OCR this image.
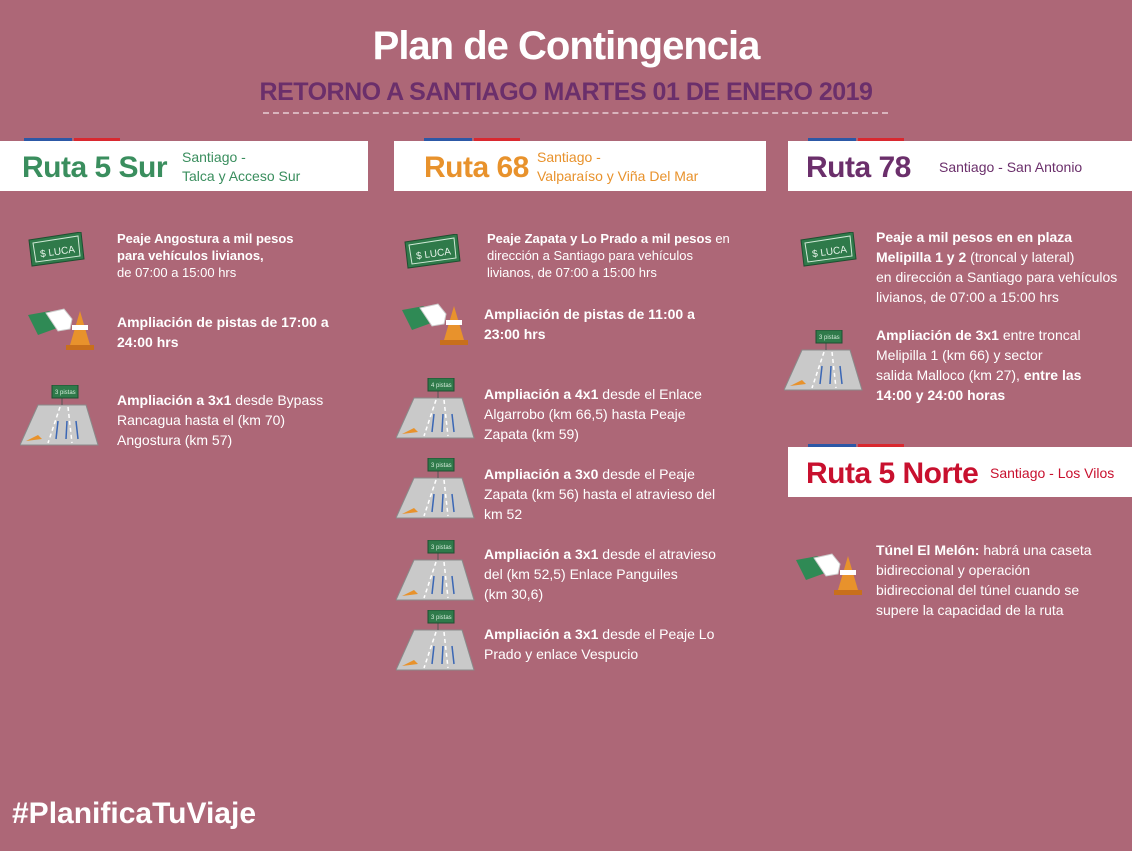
Plan de Contingencia
RETORNO A SANTIAGO MARTES 01 DE ENERO 2019
Ruta 5 Sur Santiago -
Talca y Acceso Sur
$ LUCA
Peaje Angostura a mil pesos
para vehículos livianos,
de 07:00 a 15:00 hrs
Ampliación de pistas de 17:00 a
24:00 hrs
3 pistas	Ampliación a 3x1 desde Bypass
Rancagua hasta el (km 70)
Angostura (km 57)
Ruta 68 Santiago -
Valparaíso y Viña Del Mar
$ LUCA
Peaje Zapata y Lo Prado a mil pesos en
dirección a Santiago para vehículos
livianos, de 07:00 a 15:00 hrs
Ampliación de pistas de 11:00 a
23:00 hrs
4 pistas Ampliación a 4x1 desde el Enlace
Algarrobo (km 66,5) hasta Peaje
Zapata (km 59)
3 pistas Ampliación a 3x0 desde el Peaje
Zapata (km 56) hasta el atravieso del
km 52
3 pistas Ampliación a 3x1 desde el atravieso
del (km 52,5) Enlace Panguiles
(km 30,6)
3 pistas
Ampliación a 3x1 desde el Peaje Lo
Prado y enlace Vespucio
Ruta 78 Santiago - San Antonio
$ LUCA
Peaje a mil pesos en en plaza
Melipilla 1 y 2 (troncal y lateral)
en dirección a Santiago para vehículos
livianos, de 07:00 a 15:00 hrs
3 pistas	Ampliación de 3x1 entre troncal
Melipilla 1 (km 66) y sector
salida Malloco (km 27), entre las
14:00 y 24:00 horas
Ruta 5 Norte Santiago - Los Vilos
Túnel El Melón: habrá una caseta
bidireccional y operación
bidireccional del túnel cuando se
supere la capacidad de la ruta
#PlanificaTuViaje
